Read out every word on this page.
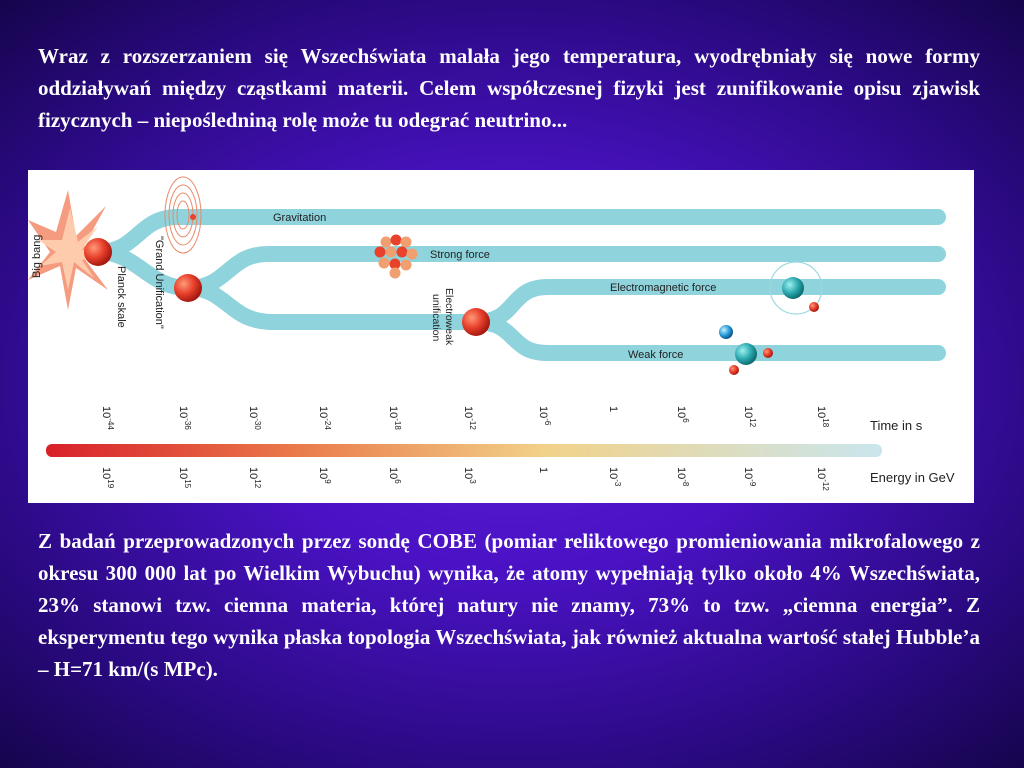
Wraz z rozszerzaniem się Wszechświata malała jego temperatura, wyodrębniały się nowe formy oddziaływań między cząstkami materii. Celem współczesnej fizyki jest zunifikowanie opisu zjawisk fizycznych – niepośledniną rolę może tu odegrać neutrino...

Big bang
Planck skale "Grand Unification"	Electroweak
unification
Gravitation
Strong force
Electromagnetic force
Weak force
$10^{-44}$
$10^{-36}$
$10^{-30}$
$10^{-24}$
$10^{-18}$
$10^{-12}$
$10^{-6}$
1	$10^6$
$10^{12}$
$10^{18}$	Time in s
$10^{19}$
$10^{15}$
$10^{12}$
$10^9$
$10^6$
$10^3$
1	$10^{-3}$
$10^{-8}$
$10^{-9}$
$10^{-12}$
Energy in GeV

Z badań przeprowadzonych przez sondę COBE (pomiar reliktowego promieniowania mikrofalowego z okresu 300 000 lat po Wielkim Wybuchu) wynika, że atomy wypełniają tylko około 4% Wszechświata, 23% stanowi tzw. ciemna materia, której natury nie znamy, 73% to tzw. „ciemna energia”. Z eksperymentu tego wynika płaska topologia Wszechświata, jak również aktualna wartość stałej Hubble’a – H=71 km/(s MPc).
